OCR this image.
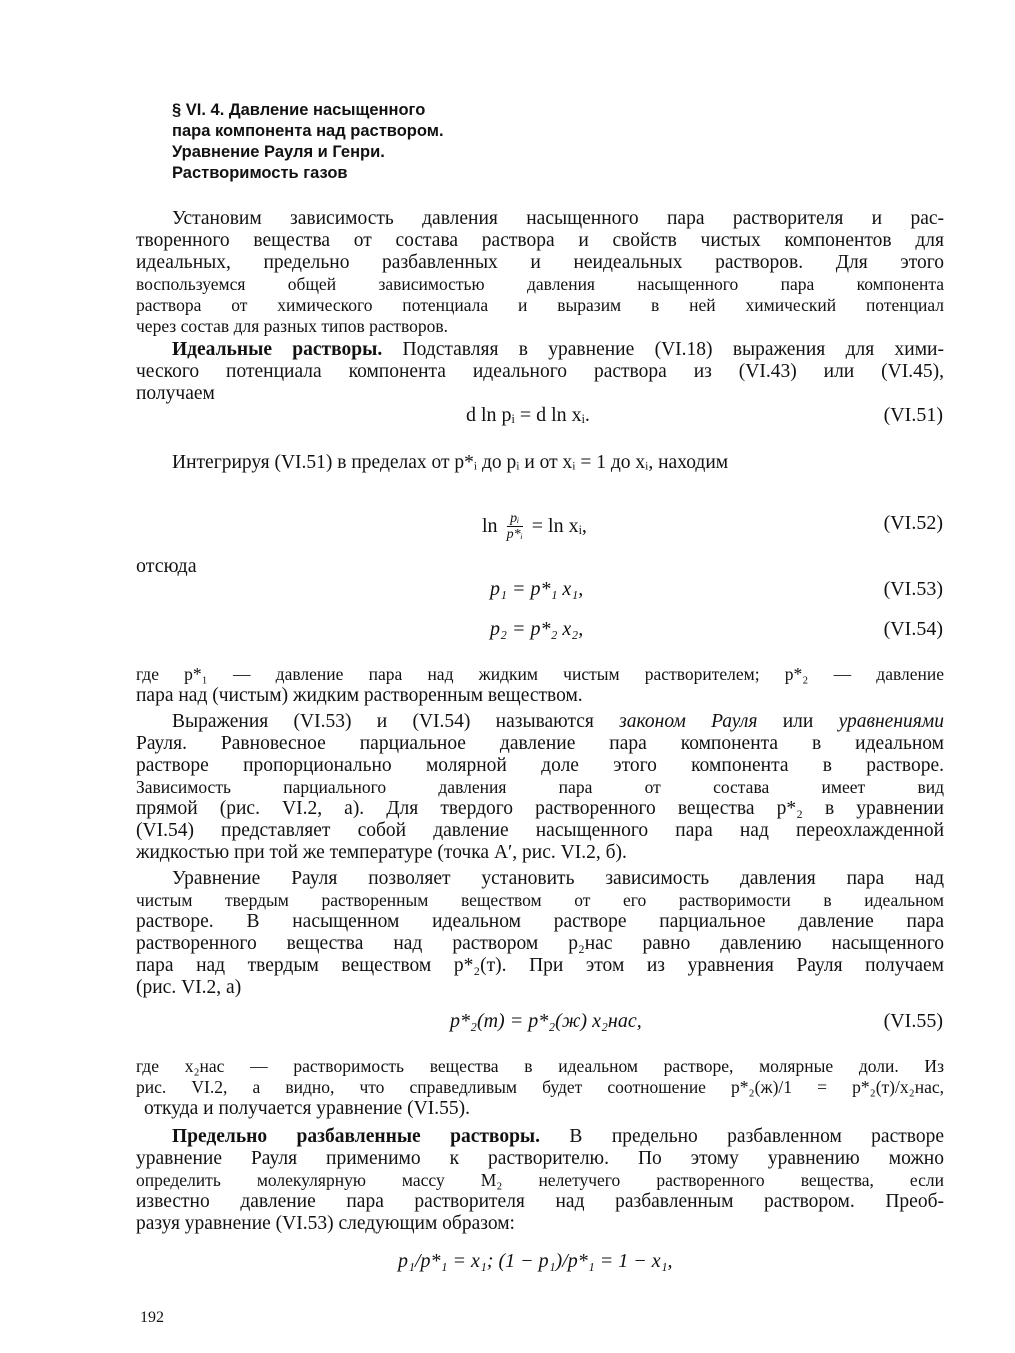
§ VI. 4. Давление насыщенного
пара компонента над раствором.
Уравнение Рауля и Генри.
Растворимость газов
Установим зависимость давления насыщенного пара растворителя и рас-
творенного вещества от состава раствора и свойств чистых компонентов для
идеальных, предельно разбавленных и неидеальных растворов. Для этого
воспользуемся общей зависимостью давления насыщенного пара компонента
раствора от химического потенциала и выразим в ней химический потенциал
через состав для разных типов растворов.
Идеальные растворы. Подставляя в уравнение (VI.18) выражения для хими-
ческого потенциала компонента идеального раствора из (VI.43) или (VI.45),
получаем
d ln pᵢ = d ln xᵢ.	(VI.51)
Интегрируя (VI.51) в пределах от p*ᵢ до pᵢ и от xᵢ = 1 до xᵢ, находим
$\ln \frac{\text{pᵢ}}{\text{p*ᵢ}} = \ln$ xᵢ,	(VI.52)
отсюда
p₁ = p*₁ x₁,	(VI.53)
p₂ = p*₂ x₂,	(VI.54)
где p*₁ — давление пара над жидким чистым растворителем; p*₂ — давление
пара над (чистым) жидким растворенным веществом.
Выражения (VI.53) и (VI.54) называются законом Рауля или уравнениями
Рауля. Равновесное парциальное давление пара компонента в идеальном
растворе пропорционально молярной доле этого компонента в растворе.
Зависимость парциального давления пара от состава имеет вид
прямой (рис. VI.2, а). Для твердого растворенного вещества p*₂ в уравнении
(VI.54) представляет собой давление насыщенного пара над переохлажденной
жидкостью при той же температуре (точка A′, рис. VI.2, б).
Уравнение Рауля позволяет установить зависимость давления пара над
чистым твердым растворенным веществом от его растворимости в идеальном
растворе. В насыщенном идеальном растворе парциальное давление пара
растворенного вещества над раствором p₂нас равно давлению насыщенного
пара над твердым веществом p*₂(т). При этом из уравнения Рауля получаем
(рис. VI.2, а)
p*₂(т) = p*₂(ж) x₂нас,	(VI.55)
где x₂нас — растворимость вещества в идеальном растворе, молярные доли. Из
рис. VI.2, а видно, что справедливым будет соотношение p*₂(ж)/1 = p*₂(т)/x₂нас,
откуда и получается уравнение (VI.55).
Предельно разбавленные растворы. В предельно разбавленном растворе
уравнение Рауля применимо к растворителю. По этому уравнению можно
определить молекулярную массу M₂ нелетучего растворенного вещества, если
известно давление пара растворителя над разбавленным раствором. Преоб-
разуя уравнение (VI.53) следующим образом:
p₁/p*₁ = x₁; (1 − p₁)/p*₁ = 1 − x₁,
192
